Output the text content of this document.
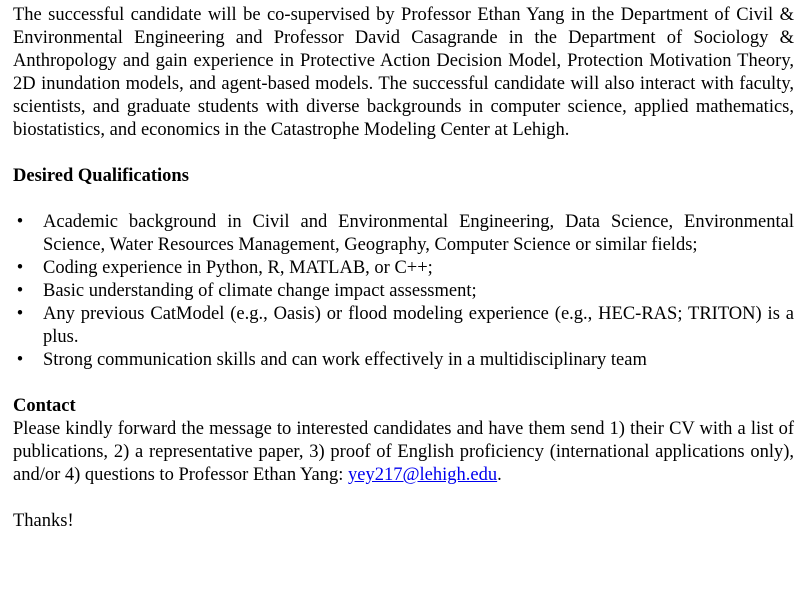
The successful candidate will be co-supervised by Professor Ethan Yang in the Department of Civil & Environmental Engineering and Professor David Casagrande in the Department of Sociology & Anthropology and gain experience in Protective Action Decision Model, Protection Motivation Theory, 2D inundation models, and agent-based models. The successful candidate will also interact with faculty, scientists, and graduate students with diverse backgrounds in computer science, applied mathematics, biostatistics, and economics in the Catastrophe Modeling Center at Lehigh.

Desired Qualifications

• Academic background in Civil and Environmental Engineering, Data Science, Environmental Science, Water Resources Management, Geography, Computer Science or similar fields;
• Coding experience in Python, R, MATLAB, or C++;
• Basic understanding of climate change impact assessment;
• Any previous CatModel (e.g., Oasis) or flood modeling experience (e.g., HEC-RAS; TRITON) is a plus.
• Strong communication skills and can work effectively in a multidisciplinary team

Contact

Please kindly forward the message to interested candidates and have them send 1) their CV with a list of publications, 2) a representative paper, 3) proof of English proficiency (international applications only), and/or 4) questions to Professor Ethan Yang: yey217@lehigh.edu.

Thanks!
